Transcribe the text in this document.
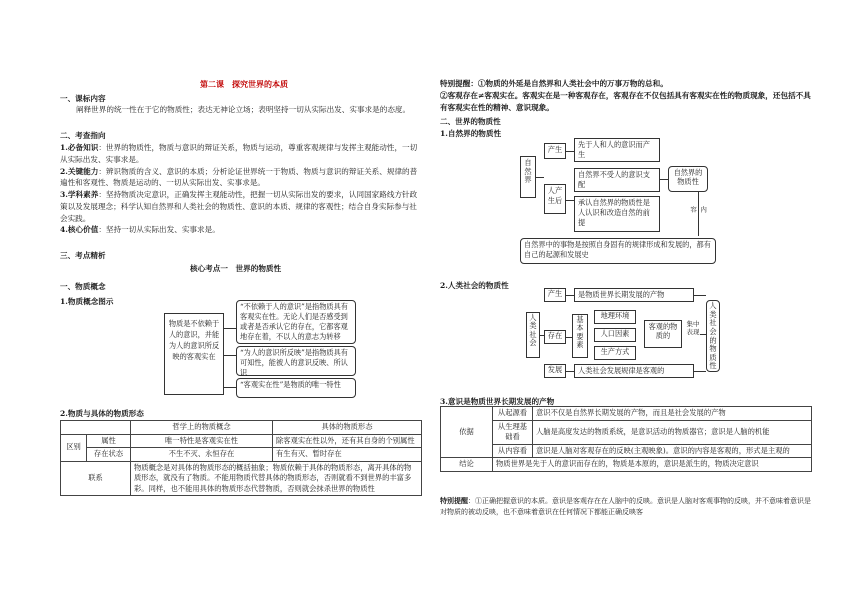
第二课　探究世界的本质
一、课标内容
阐释世界的统一性在于它的物质性；表达无神论立场；表明坚持一切从实际出发、实事求是的态度。
二、考查指向
1.必备知识：世界的物质性，物质与意识的辩证关系，物质与运动，尊重客观规律与发挥主观能动性，一切从实际出发、实事求是。
2.关键能力：辨识物质的含义、意识的本质；分析论证世界统一于物质、物质与意识的辩证关系、规律的普遍性和客观性、物质是运动的、一切从实际出发、实事求是。
3.学科素养：坚持物质决定意识，正确发挥主观能动性，把握一切从实际出发的要求，认同国家路线方针政策以及发展理念；科学认知自然界和人类社会的物质性、意识的本质、规律的客观性；结合自身实际参与社会实践。
4.核心价值：坚持一切从实际出发、实事求是。
三、考点精析
核心考点一　世界的物质性
一、物质概念
1.物质概念图示
物质是不依赖于人的意识，并能为人的意识所反映的客观实在
“不依赖于人的意识”是指物质具有客观实在性。无论人们是否感受到或者是否承认它的存在，它都客观地存在着，不以人的意志为转移
“为人的意识所反映”是指物质具有可知性，能被人的意识反映、所认识
“客观实在性”是物质的唯一特性
2.物质与具体的物质形态
		哲学上的物质概念	具体的物质形态
区别	属性	唯一特性是客观实在性	除客观实在性以外，还有其自身的个别属性
	存在状态	不生不灭、永恒存在	有生有灭、暂时存在
联系		物质概念是对具体的物质形态的概括抽象；物质依赖于具体的物质形态，离开具体的物质形态，就没有了物质。不能用物质代替具体的物质形态，否则就看不到世界的丰富多彩。同样，也不能用具体的物质形态代替物质，否则就会抹杀世界的物质性	
特别提醒：①物质的外延是自然界和人类社会中的万事万物的总和。
②客观存在≠客观实在。客观实在是一种客观存在，客观存在不仅包括具有客观实在性的物质现象，还包括不具有客观实在性的精神、意识现象。
二、世界的物质性
1.自然界的物质性
自然界
产生
人产生后
先于人和人的意识而产生
自然界不受人的意识支配
承认自然界的物质性是人认识和改造自然的前提
自然界的物质性
内容
自然界中的事物是按照自身固有的规律形成和发展的，都有自己的起源和发展史
2.人类社会的物质性
人类社会
产生	是物质世界长期发展的产物
存在
基本要素
地理环境
人口因素
生产方式
客观的物质的
集中表现
发展	人类社会发展规律是客观的
人类社会的物质性
3.意识是物质世界长期发展的产物
依据	从起源看	意识不仅是自然界长期发展的产物，而且是社会发展的产物
	从生理基础看	人脑是高度发达的物质系统，是意识活动的物质器官；意识是人脑的机能
	从内容看	意识是人脑对客观存在的反映(主观映象)。意识的内容是客观的，形式是主观的
结论	物质世界是先于人的意识而存在的，物质是本原的，意识是派生的，物质决定意识	
特别提醒：①正确把握意识的本质。意识是客观存在在人脑中的反映。意识是人脑对客观事物的反映，并不意味着意识是对物质的被动反映，也不意味着意识在任何情况下都能正确反映客
